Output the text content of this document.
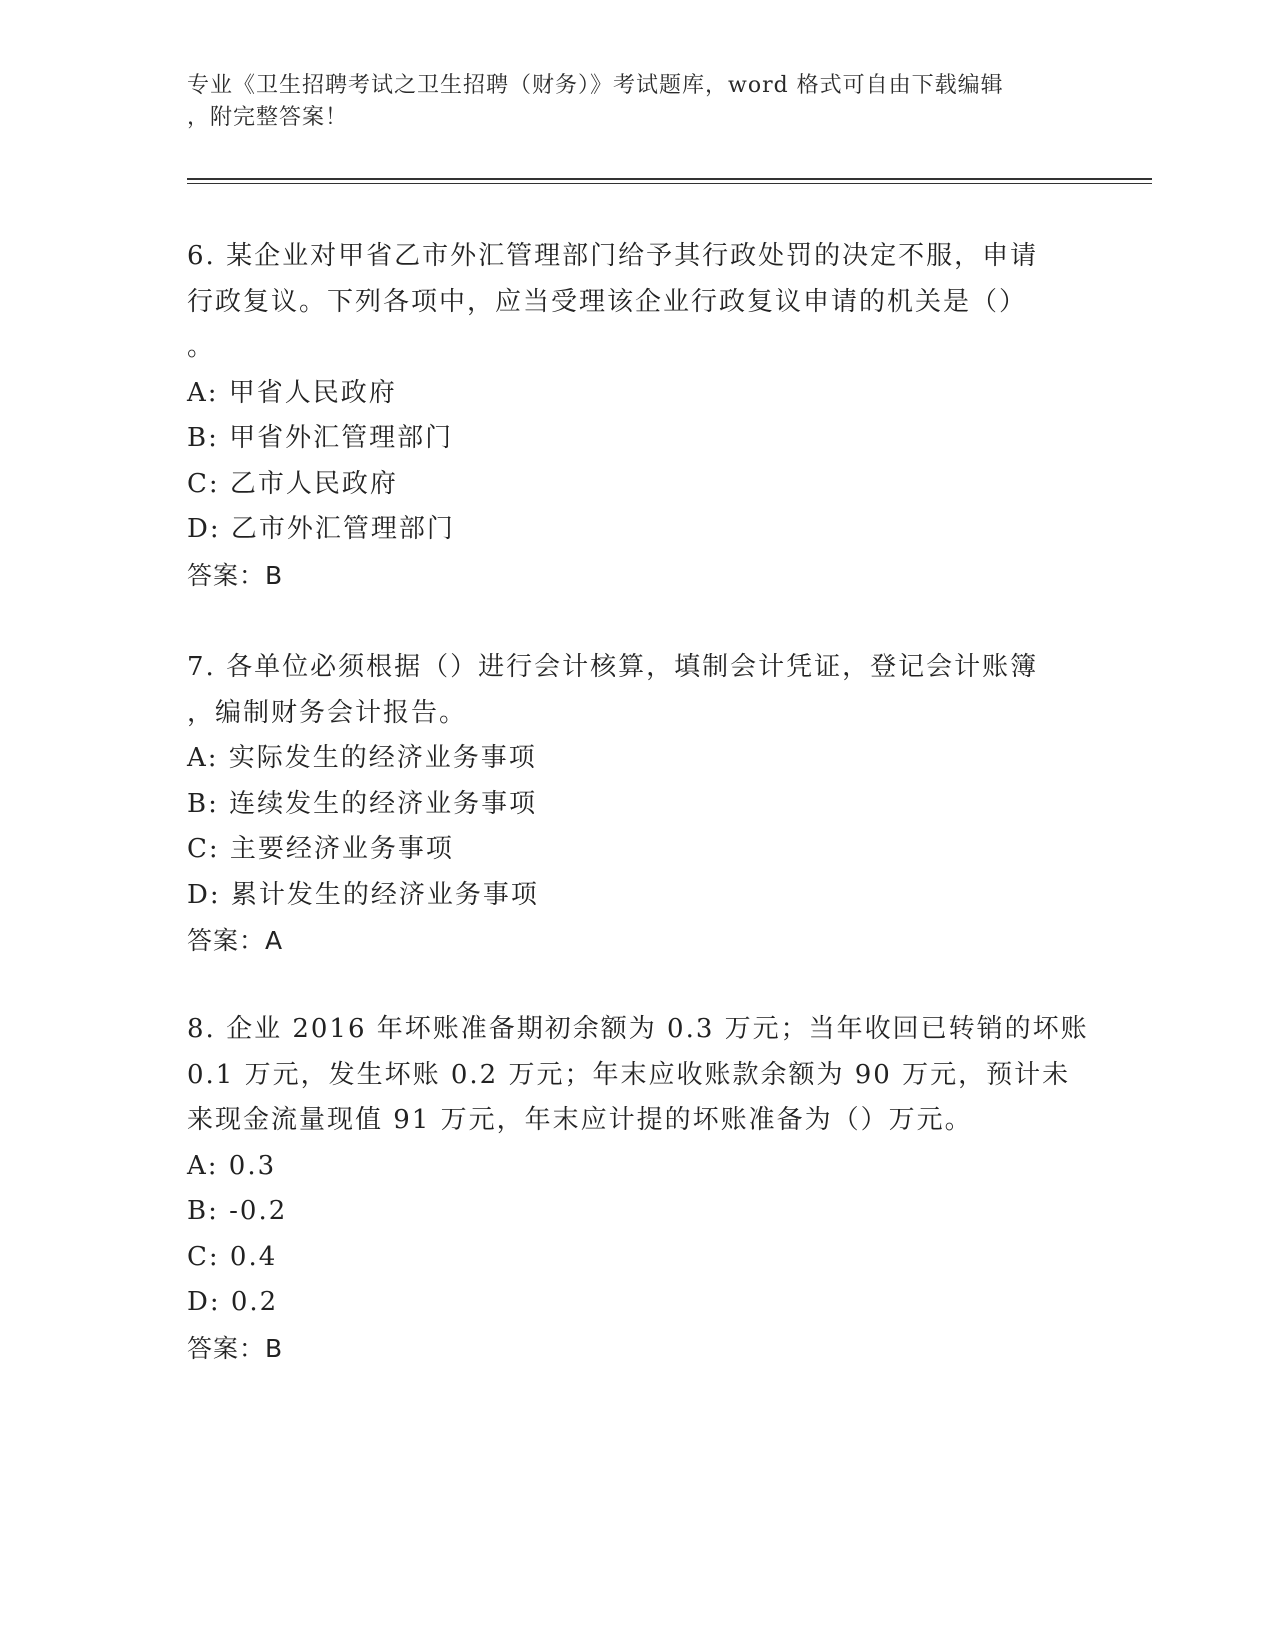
专业《卫生招聘考试之卫生招聘（财务）》考试题库，word 格式可自由下载编辑
，附完整答案！
6. 某企业对甲省乙市外汇管理部门给予其行政处罚的决定不服，申请
行政复议。下列各项中，应当受理该企业行政复议申请的机关是（）
。
A: 甲省人民政府
B: 甲省外汇管理部门
C: 乙市人民政府
D: 乙市外汇管理部门
答案：B
7. 各单位必须根据（）进行会计核算，填制会计凭证，登记会计账簿
，编制财务会计报告。
A: 实际发生的经济业务事项
B: 连续发生的经济业务事项
C: 主要经济业务事项
D: 累计发生的经济业务事项
答案：A
8. 企业 2016 年坏账准备期初余额为 0.3 万元；当年收回已转销的坏账
0.1 万元，发生坏账 0.2 万元；年末应收账款余额为 90 万元，预计未
来现金流量现值 91 万元，年末应计提的坏账准备为（）万元。
A: 0.3
B: -0.2
C: 0.4
D: 0.2
答案：B
